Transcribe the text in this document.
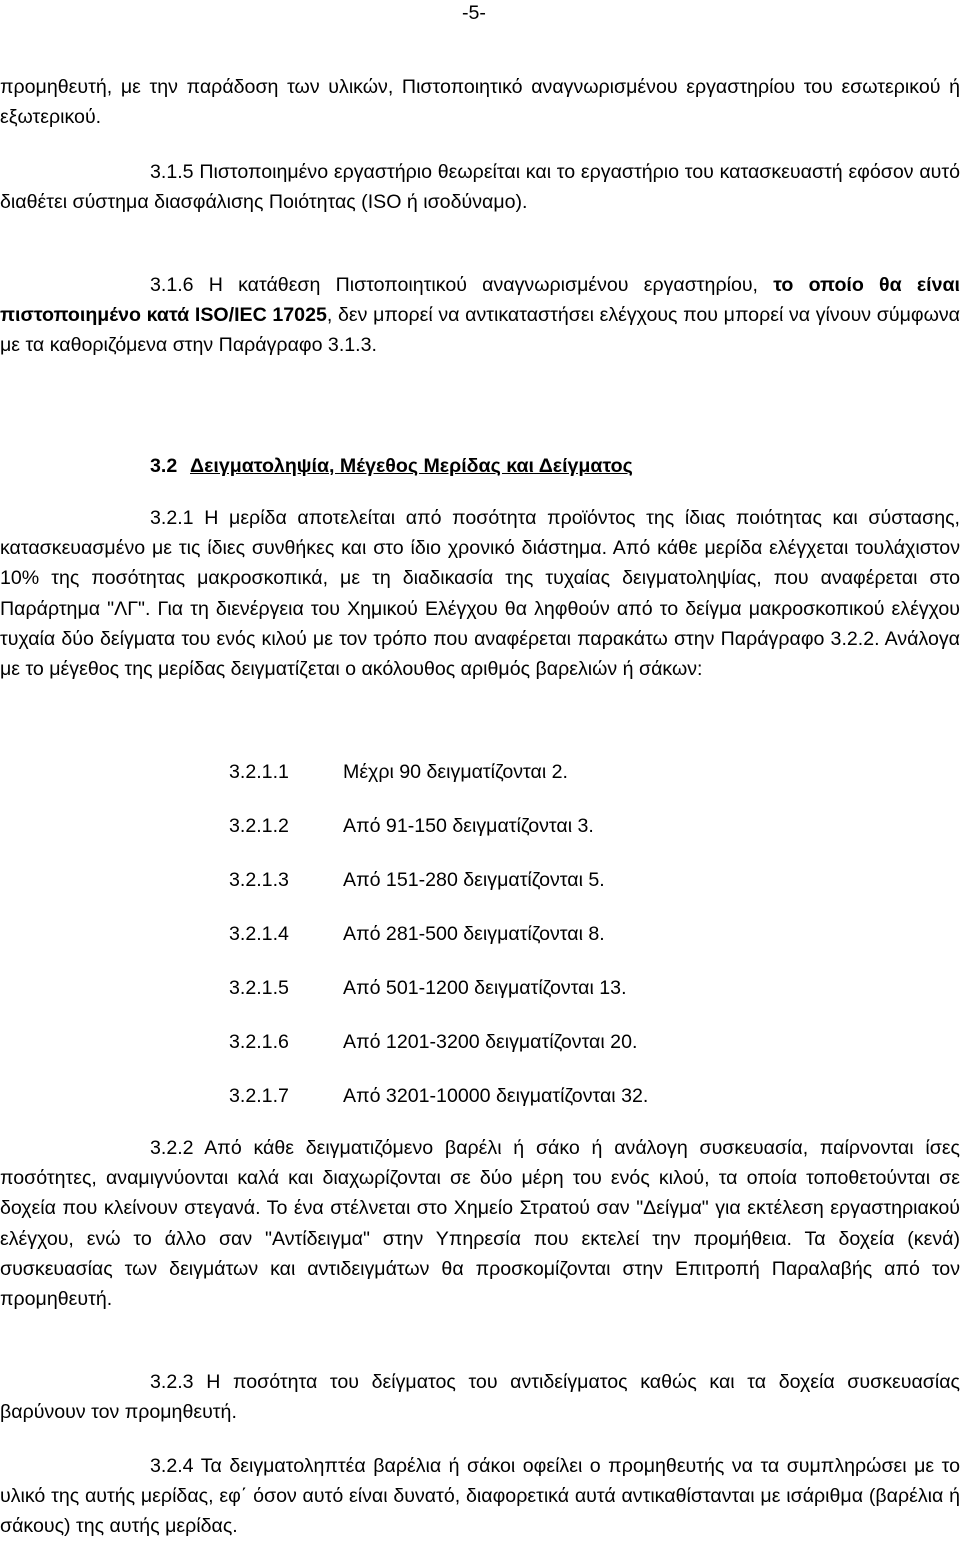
-5-

προμηθευτή, με την παράδοση των υλικών, Πιστοποιητικό αναγνωρισμένου εργαστηρίου του εσωτερικού ή εξωτερικού.

3.1.5 Πιστοποιημένο εργαστήριο θεωρείται και το εργαστήριο του κατασκευαστή εφόσον αυτό διαθέτει σύστημα διασφάλισης Ποιότητας (ISO ή ισοδύναμο).

3.1.6 Η κατάθεση Πιστοποιητικού αναγνωρισμένου εργαστηρίου, το οποίο θα είναι πιστοποιημένο κατά ISO/IEC 17025, δεν μπορεί να αντικαταστήσει ελέγχους που μπορεί να γίνουν σύμφωνα με τα καθοριζόμενα στην Παράγραφο 3.1.3.

3.2 Δειγματοληψία, Μέγεθος Μερίδας και Δείγματος

3.2.1 Η μερίδα αποτελείται από ποσότητα προϊόντος της ίδιας ποιότητας και σύστασης, κατασκευασμένο με τις ίδιες συνθήκες και στο ίδιο χρονικό διάστημα. Από κάθε μερίδα ελέγχεται τουλάχιστον 10% της ποσότητας μακροσκοπικά, με τη διαδικασία της τυχαίας δειγματοληψίας, που αναφέρεται στο Παράρτημα "ΛΓ". Για τη διενέργεια του Χημικού Ελέγχου θα ληφθούν από το δείγμα μακροσκοπικού ελέγχου τυχαία δύο δείγματα του ενός κιλού με τον τρόπο που αναφέρεται παρακάτω στην Παράγραφο 3.2.2. Ανάλογα με το μέγεθος της μερίδας δειγματίζεται ο ακόλουθος αριθμός βαρελιών ή σάκων:

3.2.1.1	Μέχρι 90 δειγματίζονται 2.
3.2.1.2	Από 91-150 δειγματίζονται 3.
3.2.1.3	Από 151-280 δειγματίζονται 5.
3.2.1.4	Από 281-500 δειγματίζονται 8.
3.2.1.5	Από 501-1200 δειγματίζονται 13.
3.2.1.6	Από 1201-3200 δειγματίζονται 20.
3.2.1.7	Από 3201-10000 δειγματίζονται 32.

3.2.2 Από κάθε δειγματιζόμενο βαρέλι ή σάκο ή ανάλογη συσκευασία, παίρνονται ίσες ποσότητες, αναμιγνύονται καλά και διαχωρίζονται σε δύο μέρη του ενός κιλού, τα οποία τοποθετούνται σε δοχεία που κλείνουν στεγανά. Το ένα στέλνεται στο Χημείο Στρατού σαν "Δείγμα" για εκτέλεση εργαστηριακού ελέγχου, ενώ το άλλο σαν "Αντίδειγμα" στην Υπηρεσία που εκτελεί την προμήθεια. Τα δοχεία (κενά) συσκευασίας των δειγμάτων και αντιδειγμάτων θα προσκομίζονται στην Επιτροπή Παραλαβής από τον προμηθευτή.

3.2.3 Η ποσότητα του δείγματος του αντιδείγματος καθώς και τα δοχεία συσκευασίας βαρύνουν τον προμηθευτή.

3.2.4 Τα δειγματοληπτέα βαρέλια ή σάκοι οφείλει ο προμηθευτής να τα συμπληρώσει με το υλικό της αυτής μερίδας, εφ΄ όσον αυτό είναι δυνατό, διαφορετικά αυτά αντικαθίστανται με ισάριθμα (βαρέλια ή σάκους) της αυτής μερίδας.
